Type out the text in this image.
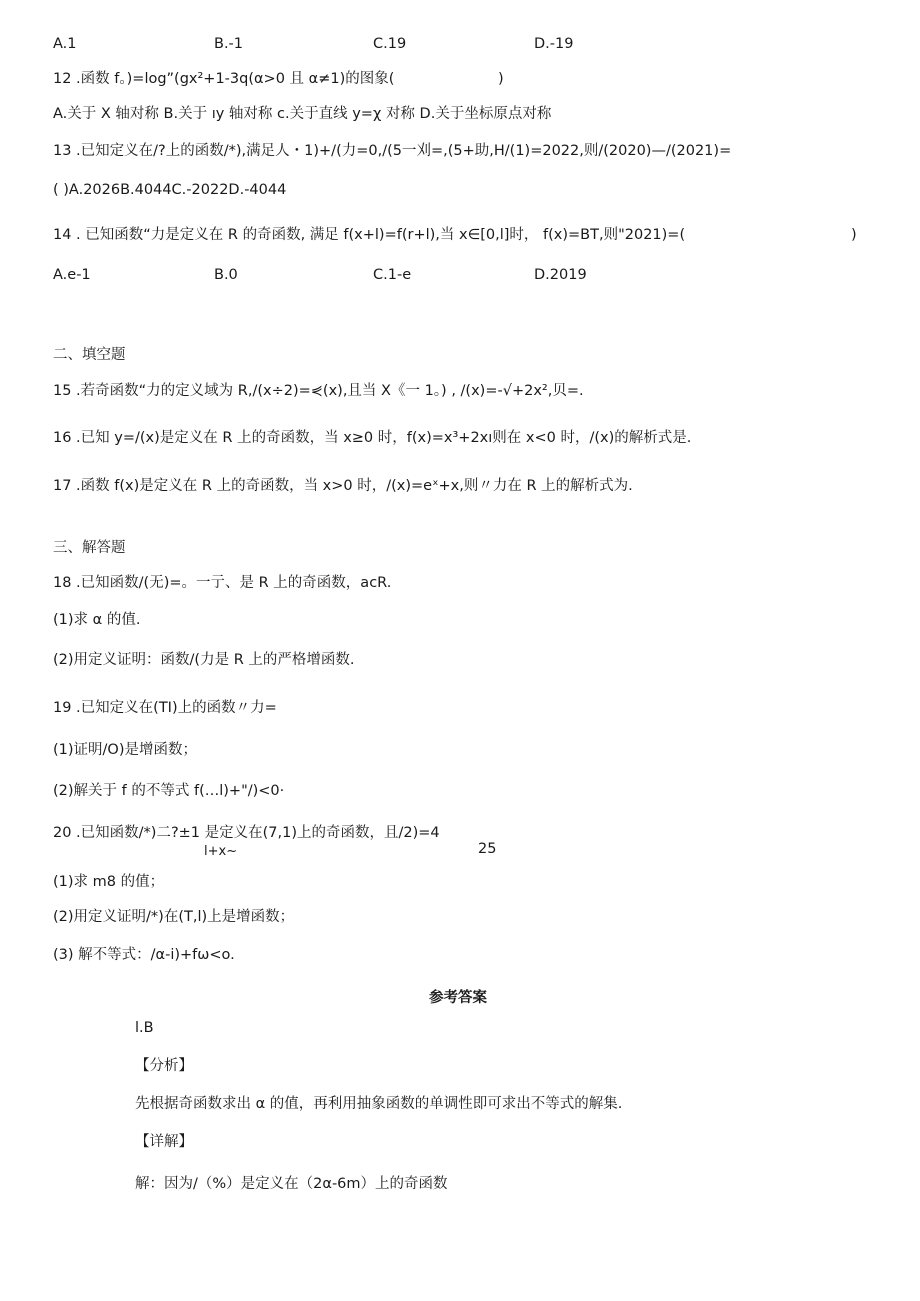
A.1	B.-1	C.19	D.-19
12 .函数 f。)=log”(gx²+1-3q(α>0 且 α≠1)的图象(	)
A.关于 X 轴对称 B.关于 ıy 轴对称 c.关于直线 y=χ 对称 D.关于坐标原点对称
13 .已知定义在/?上的函数/*),满足人・1)+/(力=0,/(5一刈=,(5+助,H/(1)=2022,则/(2020)—/(2021)=
( )A.2026B.4044C.-2022D.-4044
14 . 已知函数“力是定义在 R 的奇函数, 满足 f(x+l)=f(r+l),当 x∈[0,l]时， f(x)=BT,则"2021)=(	)
A.e-1	B.0	C.1-e	D.2019
二、填空题
15 .若奇函数“力的定义域为 R,/(x÷2)=⋞(x),且当 X《一 1。) , /(x)=-√+2x²,贝=.
16 .已知 y=∕(x)是定义在 R 上的奇函数，当 x≥0 时，f(x)=x³+2xı则在 x<0 时，/(x)的解析式是.
17 .函数 f(x)是定义在 R 上的奇函数，当 x>0 时，/(x)=eˣ+x,则〃力在 R 上的解析式为.
三、解答题
18 .已知函数/(无)=。一亍、是 R 上的奇函数，acR.
(1)求 α 的值.
(2)用定义证明：函数/(力是 R 上的严格增函数.
19 .已知定义在(TI)上的函数〃力=
(1)证明/O)是增函数；
(2)解关于 f 的不等式 f(…l)+"/)<0·
20 .已知函数/*)二?±1 是定义在(7,1)上的奇函数，且/2)=4
l+x~	25
(1)求 m8 的值；
(2)用定义证明/*)在(T,l)上是增函数；
(3) 解不等式：∕α-i)+fω<o.
参考答案
l.B
【分析】
先根据奇函数求出 α 的值，再利用抽象函数的单调性即可求出不等式的解集.
【详解】
解：因为/（%）是定义在（2α-6m）上的奇函数
